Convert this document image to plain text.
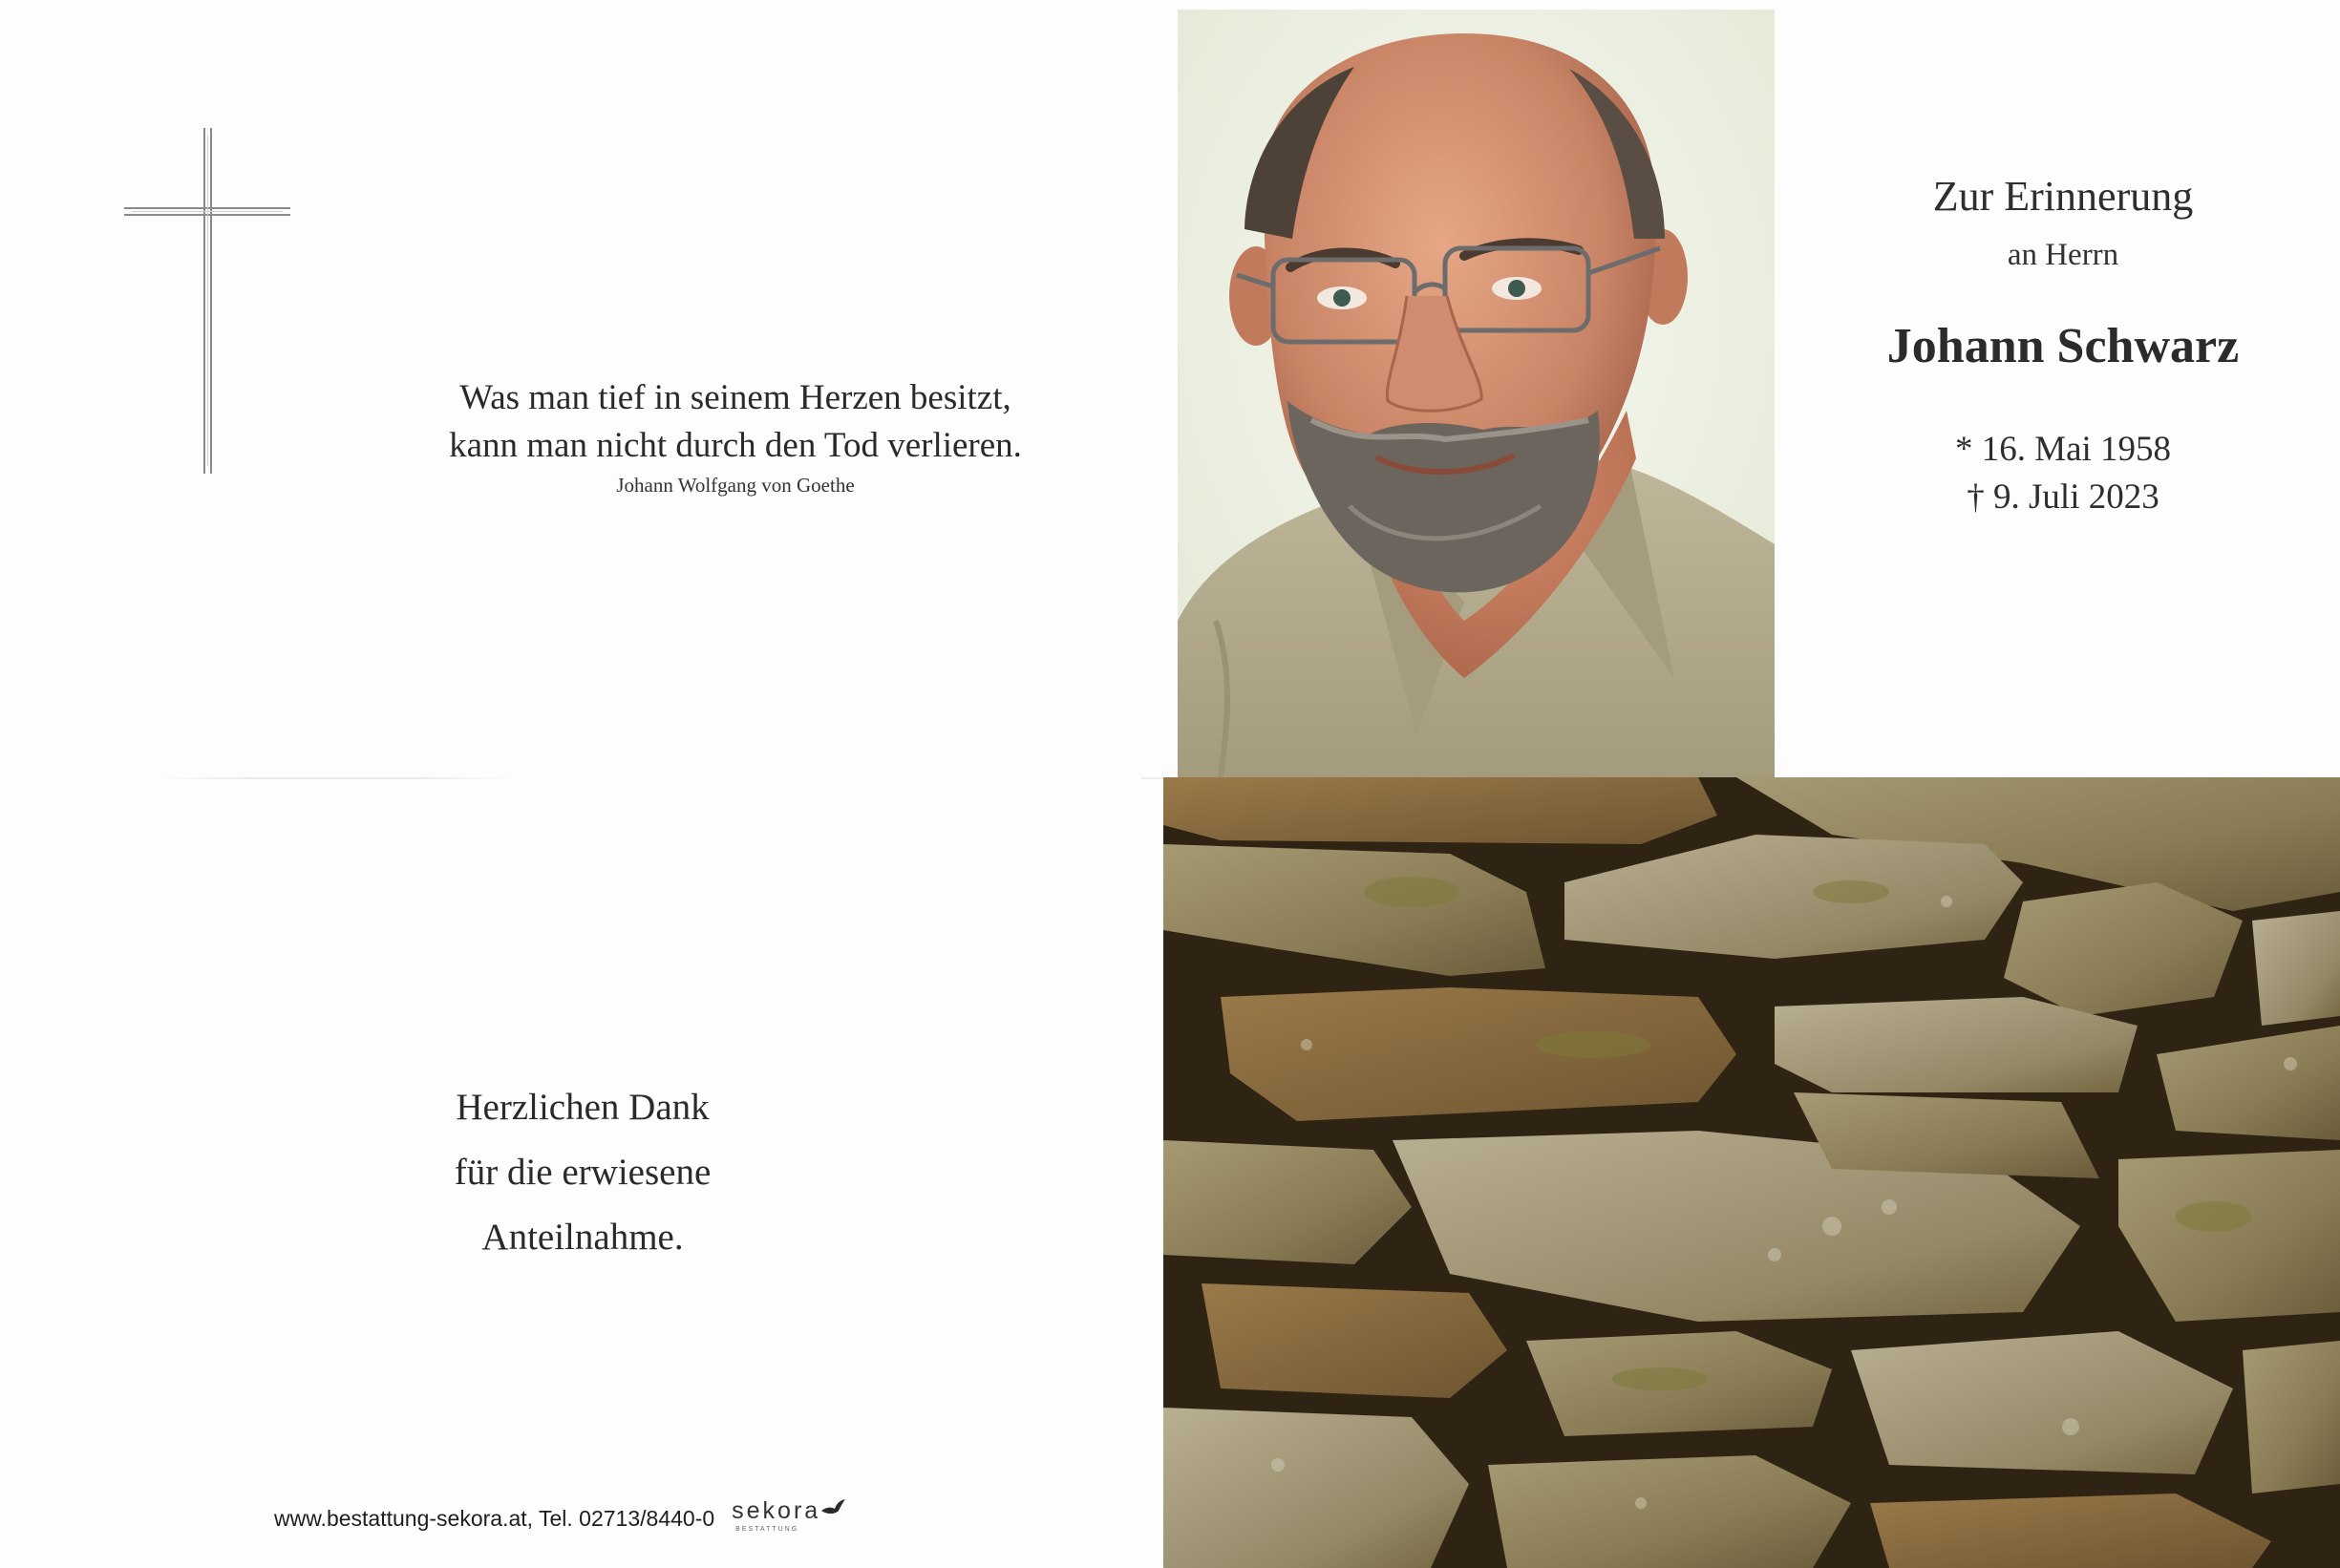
Was man tief in seinem Herzen besitzt,
kann man nicht durch den Tod verlieren.
Johann Wolfgang von Goethe
Herzlichen Dank
für die erwiesene
Anteilnahme.
www.bestattung-sekora.at, Tel. 02713/8440-0 sekora
BESTATTUNG
Zur Erinnerung
an Herrn
Johann Schwarz
* 16. Mai 1958
† 9. Juli 2023
